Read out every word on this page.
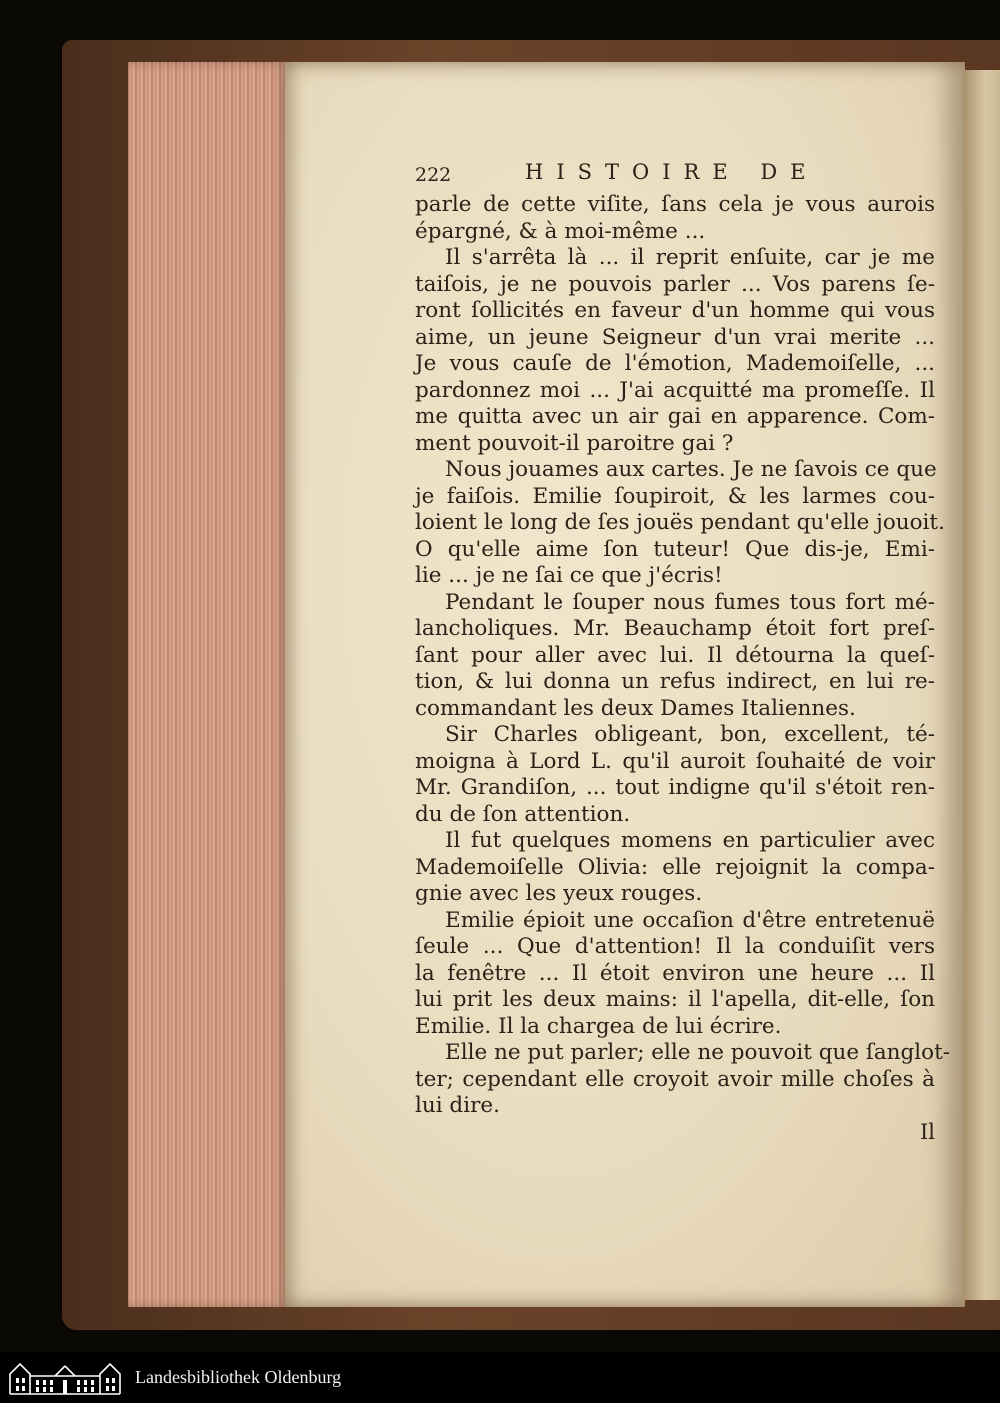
222	HISTOIRE DE
parle de cette viſite, ſans cela je vous aurois
épargné, & à moi-même ...
Il s'arrêta là ... il reprit enſuite, car je me
taiſois, je ne pouvois parler ... Vos parens ſe-
ront ſollicités en faveur d'un homme qui vous
aime, un jeune Seigneur d'un vrai merite ...
Je vous cauſe de l'émotion, Mademoiſelle, ...
pardonnez moi ... J'ai acquitté ma promeſſe. Il
me quitta avec un air gai en apparence. Com-
ment pouvoit-il paroitre gai ?
Nous jouames aux cartes. Je ne ſavois ce que
je faiſois. Emilie ſoupiroit, & les larmes cou-
loient le long de ſes jouës pendant qu'elle jouoit.
O qu'elle aime ſon tuteur! Que dis-je, Emi-
lie ... je ne ſai ce que j'écris!
Pendant le ſouper nous fumes tous fort mé-
lancholiques. Mr. Beauchamp étoit fort preſ-
ſant pour aller avec lui. Il détourna la queſ-
tion, & lui donna un refus indirect, en lui re-
commandant les deux Dames Italiennes.
Sir Charles obligeant, bon, excellent, té-
moigna à Lord L. qu'il auroit ſouhaité de voir
Mr. Grandiſon, ... tout indigne qu'il s'étoit ren-
du de ſon attention.
Il fut quelques momens en particulier avec
Mademoiſelle Olivia: elle rejoignit la compa-
gnie avec les yeux rouges.
Emilie épioit une occaſion d'être entretenuë
ſeule ... Que d'attention! Il la conduiſit vers
la fenêtre ... Il étoit environ une heure ... Il
lui prit les deux mains: il l'apella, dit-elle, ſon
Emilie. Il la chargea de lui écrire.
Elle ne put parler; elle ne pouvoit que ſanglot-
ter; cependant elle croyoit avoir mille choſes à
lui dire.
Il
Landesbibliothek Oldenburg
